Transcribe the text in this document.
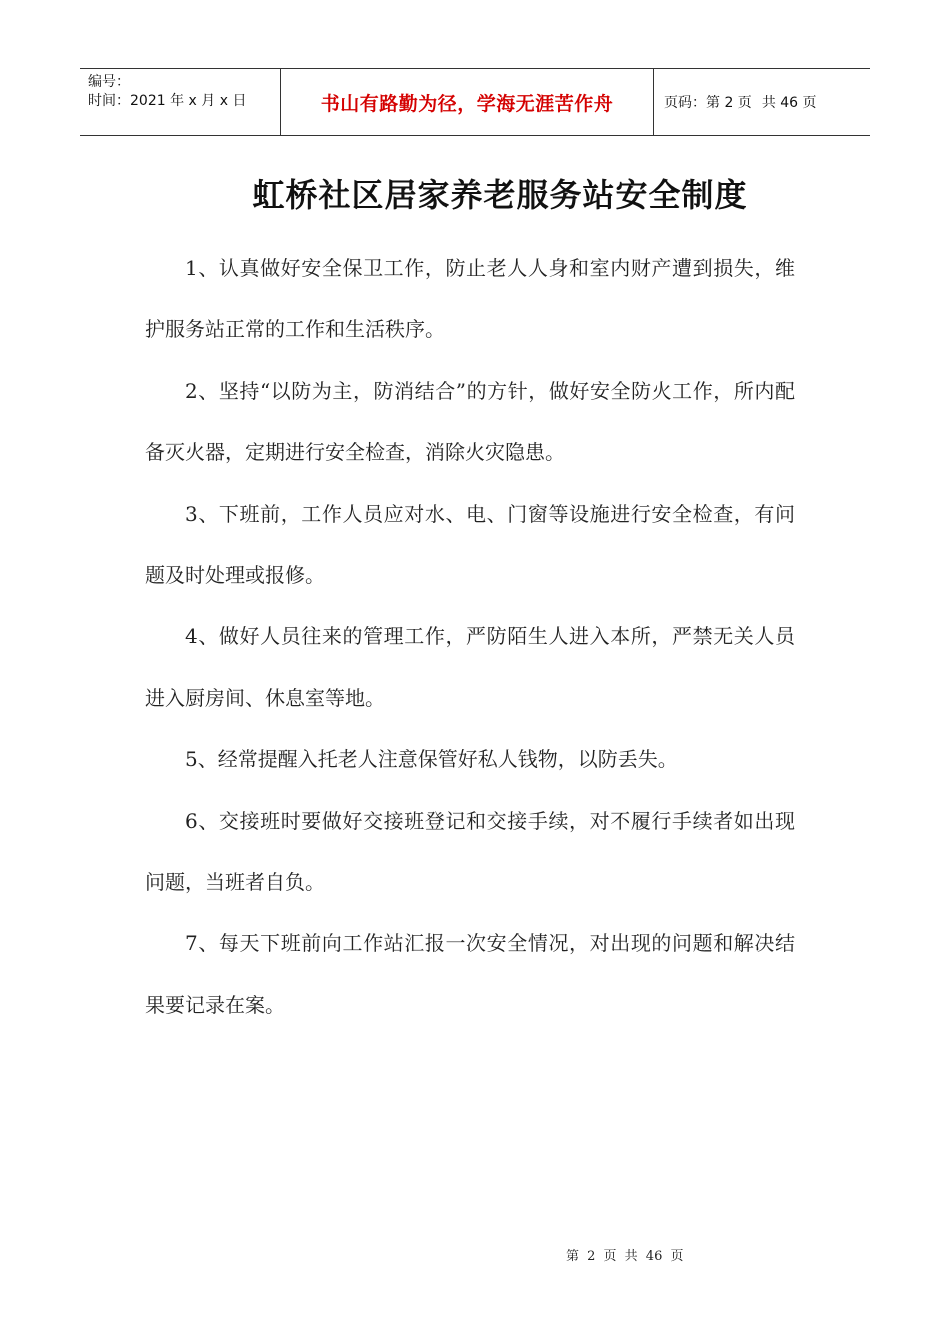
编号：
时间：2021 年 x 月 x 日	书山有路勤为径，学海无涯苦作舟	页码：第 2 页 共 46 页
虹桥社区居家养老服务站安全制度

1、认真做好安全保卫工作，防止老人人身和室内财产遭到损失，维护服务站正常的工作和生活秩序。

2、坚持“以防为主，防消结合”的方针，做好安全防火工作，所内配备灭火器，定期进行安全检查，消除火灾隐患。

3、下班前，工作人员应对水、电、门窗等设施进行安全检查，有问题及时处理或报修。

4、做好人员往来的管理工作，严防陌生人进入本所，严禁无关人员进入厨房间、休息室等地。

5、经常提醒入托老人注意保管好私人钱物，以防丢失。

6、交接班时要做好交接班登记和交接手续，对不履行手续者如出现问题，当班者自负。

7、每天下班前向工作站汇报一次安全情况，对出现的问题和解决结果要记录在案。

第 2 页 共 46 页
